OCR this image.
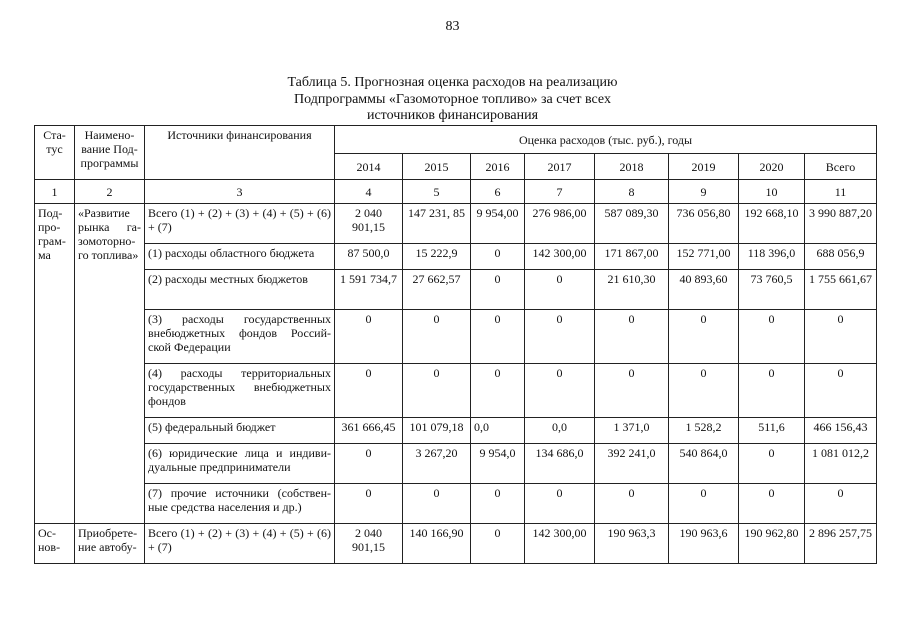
83
Таблица 5. Прогнозная оценка расходов на реализацию
Подпрограммы «Газомоторное топливо» за счет всех
источников финансирования
Ста-тус	Наимено-вание Под-программы	Источники финансирования	Оценка расходов (тыс. руб.), годы							
			2014	2015	2016	2017	2018	2019	2020	Всего
1	2	3	4	5	6	7	8	9	10	11
Под-про-грам-ма	«Развитие рынка га-зомоторно-го топлива»	Всего (1) + (2) + (3) + (4) + (5) + (6) + (7)	2 040 901,15	147 231, 85	9 954,00	276 986,00	587 089,30	736 056,80	192 668,10	3 990 887,20
		(1) расходы областного бюджета	87 500,0	15 222,9	0	142 300,00	171 867,00	152 771,00	118 396,0	688 056,9
		(2) расходы местных бюджетов	1 591 734,7	27 662,57	0	0	21 610,30	40 893,60	73 760,5	1 755 661,67
		(3) расходы государственных внебюджетных фондов Россий-ской Федерации	0	0	0	0	0	0	0	0
		(4) расходы территориальных государственных внебюджетных фондов	0	0	0	0	0	0	0	0
		(5) федеральный бюджет	361 666,45	101 079,18	0,0	0,0	1 371,0	1 528,2	511,6	466 156,43
		(6) юридические лица и индиви-дуальные предприниматели	0	3 267,20	9 954,0	134 686,0	392 241,0	540 864,0	0	1 081 012,2
		(7) прочие источники (собствен-ные средства населения и др.)	0	0	0	0	0	0	0	0
Ос-нов-	Приобрете-ние автобу-	Всего (1) + (2) + (3) + (4) + (5) + (6) + (7)	2 040 901,15	140 166,90	0	142 300,00	190 963,3	190 963,6	190 962,80	2 896 257,75
